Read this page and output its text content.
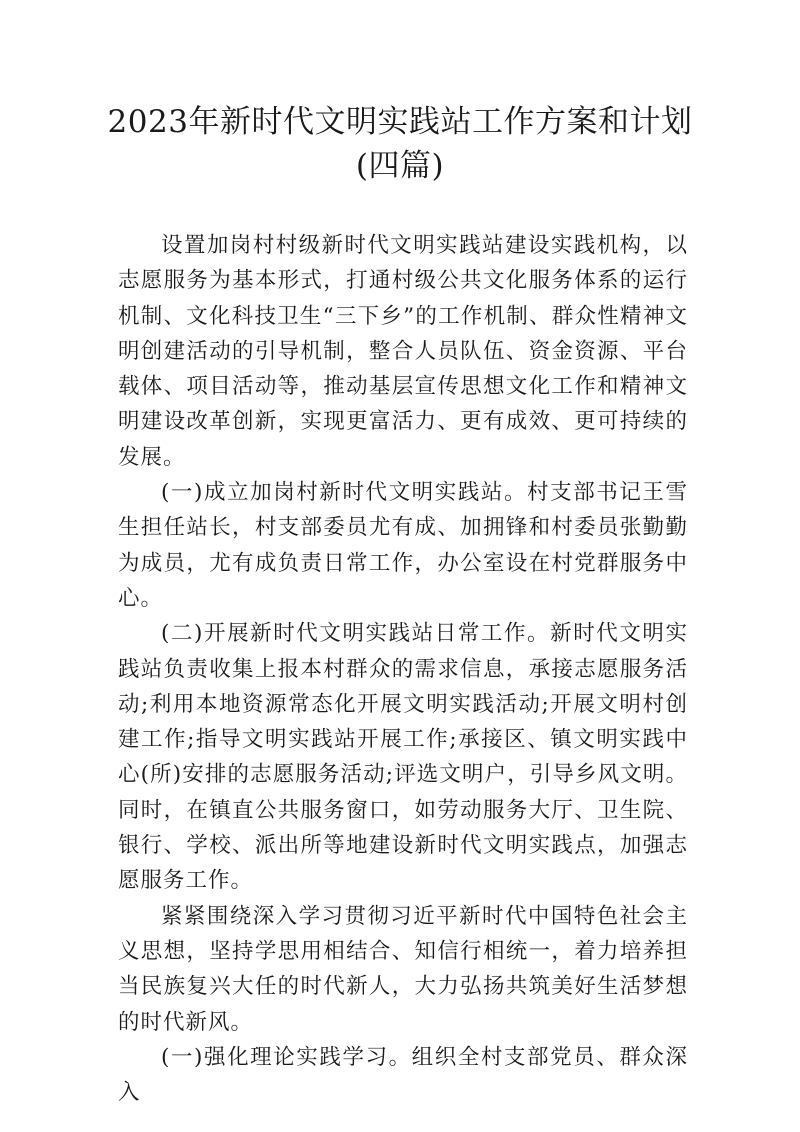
2023年新时代文明实践站工作方案和计划
(四篇)

设置加岗村村级新时代文明实践站建设实践机构，以志愿服务为基本形式，打通村级公共文化服务体系的运行机制、文化科技卫生“三下乡”的工作机制、群众性精神文明创建活动的引导机制，整合人员队伍、资金资源、平台载体、项目活动等，推动基层宣传思想文化工作和精神文明建设改革创新，实现更富活力、更有成效、更可持续的发展。

(一)成立加岗村新时代文明实践站。村支部书记王雪生担任站长，村支部委员尤有成、加拥锋和村委员张勤勤为成员，尤有成负责日常工作，办公室设在村党群服务中心。

(二)开展新时代文明实践站日常工作。新时代文明实践站负责收集上报本村群众的需求信息，承接志愿服务活动;利用本地资源常态化开展文明实践活动;开展文明村创建工作;指导文明实践站开展工作;承接区、镇文明实践中心(所)安排的志愿服务活动;评选文明户，引导乡风文明。同时，在镇直公共服务窗口，如劳动服务大厅、卫生院、银行、学校、派出所等地建设新时代文明实践点，加强志愿服务工作。

紧紧围绕深入学习贯彻习近平新时代中国特色社会主义思想，坚持学思用相结合、知信行相统一，着力培养担当民族复兴大任的时代新人，大力弘扬共筑美好生活梦想的时代新风。

(一)强化理论实践学习。组织全村支部党员、群众深入
